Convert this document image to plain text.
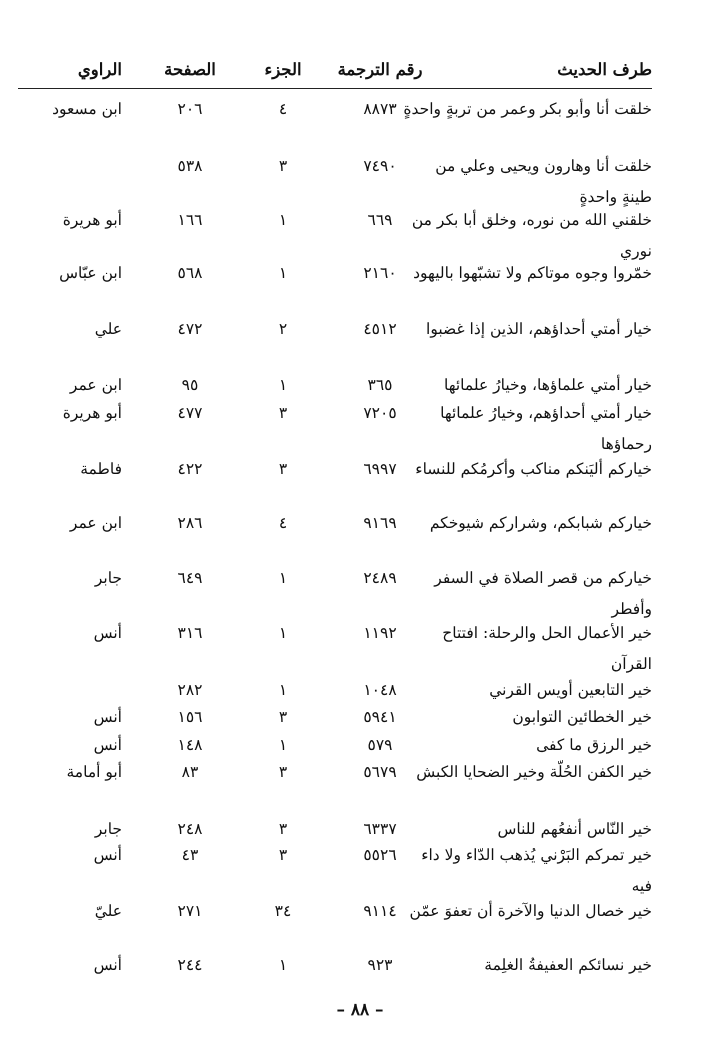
طرف الحديث
رقم الترجمة
الجزء
الصفحة
الراوي
خلقت أنا وأبو بكر وعمر من تربةٍ واحدةٍ
٨٨٧٣
٤
٢٠٦
ابن مسعود
خلقت أنا وهارون ويحيى وعلي من طينةٍ واحدةٍ
٧٤٩٠
٣
٥٣٨
خلقني الله من نوره، وخلق أبا بكر من نوري
٦٦٩
١
١٦٦
أبو هريرة
خمّروا وجوه موتاكم ولا تشبّهوا باليهود
٢١٦٠
١
٥٦٨
ابن عبّاس
خيار أمتي أحداؤهم، الذين إذا غضبوا
٤٥١٢
٢
٤٧٢
علي
خيار أمتي علماؤها، وخيارُ علمائها
٣٦٥
١
٩٥
ابن عمر
خيار أمتي أحداؤهم، وخيارُ علمائها رحماؤها
٧٢٠٥
٣
٤٧٧
أبو هريرة
خياركم أليَنكم مناكب وأكرمُكم للنساء
٦٩٩٧
٣
٤٢٢
فاطمة
خياركم شبابكم، وشراركم شيوخكم
٩١٦٩
٤
٢٨٦
ابن عمر
خياركم من قصر الصلاة في السفر وأفطر
٢٤٨٩
١
٦٤٩
جابر
خير الأعمال الحل والرحلة: افتتاح القرآن
١١٩٢
١
٣١٦
أنس
خير التابعين أويس القرني
١٠٤٨
١
٢٨٢
خير الخطائين التوابون
٥٩٤١
٣
١٥٦
أنس
خير الرزق ما كفى
٥٧٩
١
١٤٨
أنس
خير الكفن الحُلّة وخير الضحايا الكبش
٥٦٧٩
٣
٨٣
أبو أمامة
خير النّاس أنفعُهم للناس
٦٣٣٧
٣
٢٤٨
جابر
خير تمركم البَرْني يُذهب الدّاء ولا داء فيه
٥٥٢٦
٣
٤٣
أنس
خير خصال الدنيا والآخرة أن تعفوَ عمّن
٩١١٤
٣٤
٢٧١
عليّ
خير نسائكم العفيفةُ الغلِمة
٩٢٣
١
٢٤٤
أنس
– ٨٨ –
